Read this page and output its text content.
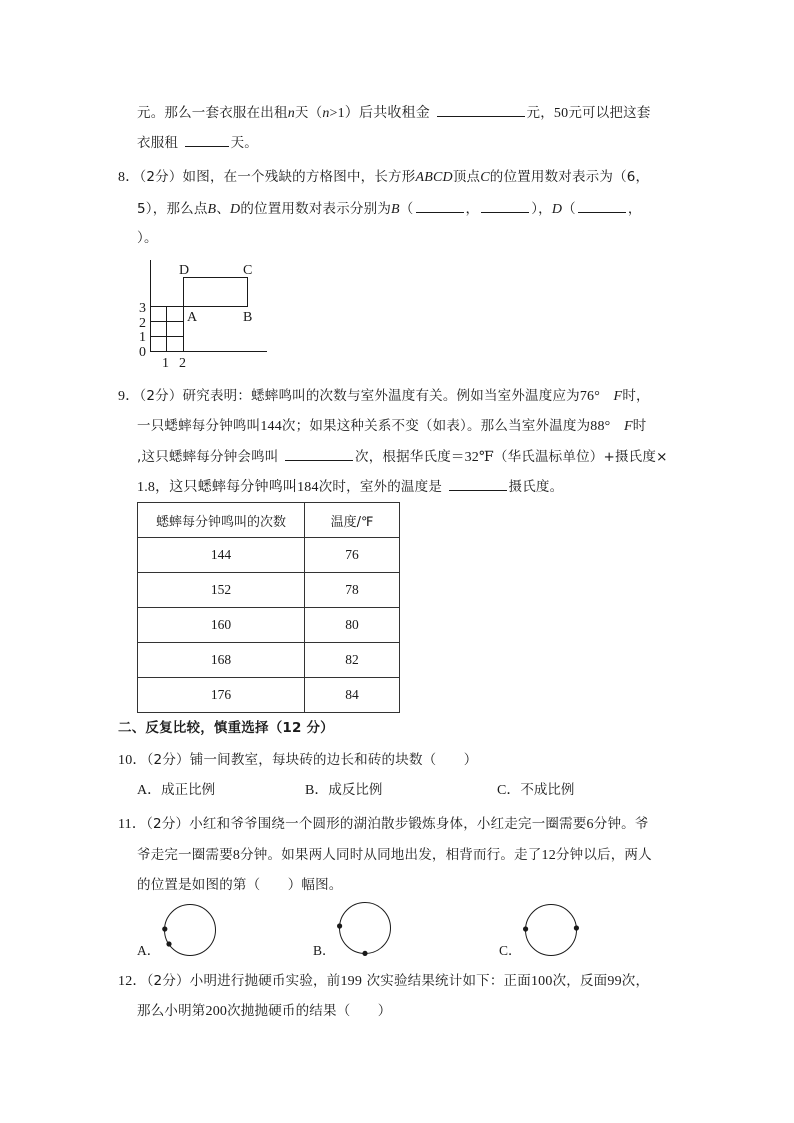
元。那么一套衣服在出租n天（n>1）后共收租金	元，50元可以把这套
衣服租	天。
8．（2分）如图，在一个残缺的方格图中，长方形ABCD顶点C的位置用数对表示为（6，
5），那么点B、D的位置用数对表示分别为B（	，	），D（	，
）。
D	C
A	B
0
1
2
3
1 2
9．（2分）研究表明：蟋蟀鸣叫的次数与室外温度有关。例如当室外温度应为76° F时，
一只蟋蟀每分钟鸣叫144次；如果这种关系不变（如表）。那么当室外温度为88° F时
,这只蟋蟀每分钟会鸣叫	次，根据华氏度＝32℉（华氏温标单位）+摄氏度×
1.8，这只蟋蟀每分钟鸣叫184次时，室外的温度是	摄氏度。
蟋蟀每分钟鸣叫的次数	温度/℉
144	76
152	78
160	80
168	82
176	84
二、反复比较，慎重选择（12 分）
10．（2分）铺一间教室，每块砖的边长和砖的块数（　　）
A．成正比例	B．成反比例	C．不成比例
11．（2分）小红和爷爷围绕一个圆形的湖泊散步锻炼身体，小红走完一圈需要6分钟。爷
爷走完一圈需要8分钟。如果两人同时从同地出发，相背而行。走了12分钟以后，两人
的位置是如图的第（　　）幅图。
A．	B．	C．
12．（2分）小明进行抛硬币实验，前199 次实验结果统计如下：正面100次，反面99次，
那么小明第200次抛抛硬币的结果（　　）
